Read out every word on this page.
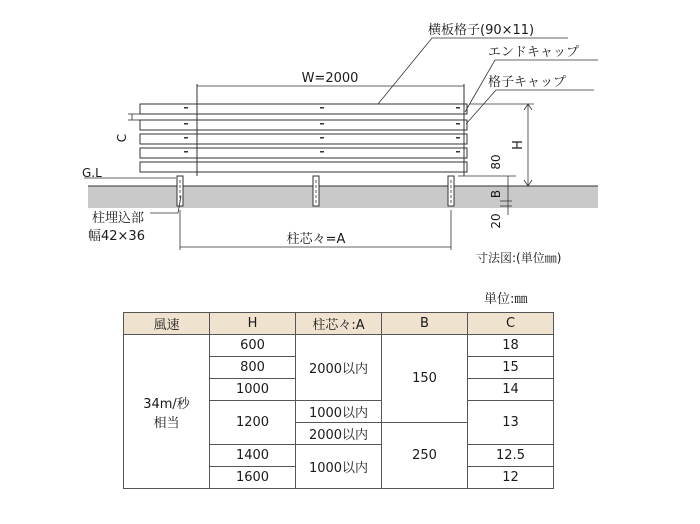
W=2000
横板格子(90×11)
エンドキャップ
格子キャップ
H
C
G.L
80
B
20
柱埋込部
幅42×36	柱芯々=A
寸法図:(単位㎜)
単位:㎜
風速	H	柱芯々:A	B	C

34m/秒
相当	600	2000以内	150	18
	800			15
	1000			14
	1200	1000以内		13
		2000以内	250	
	1400	1000以内		12.5
	1600			12
